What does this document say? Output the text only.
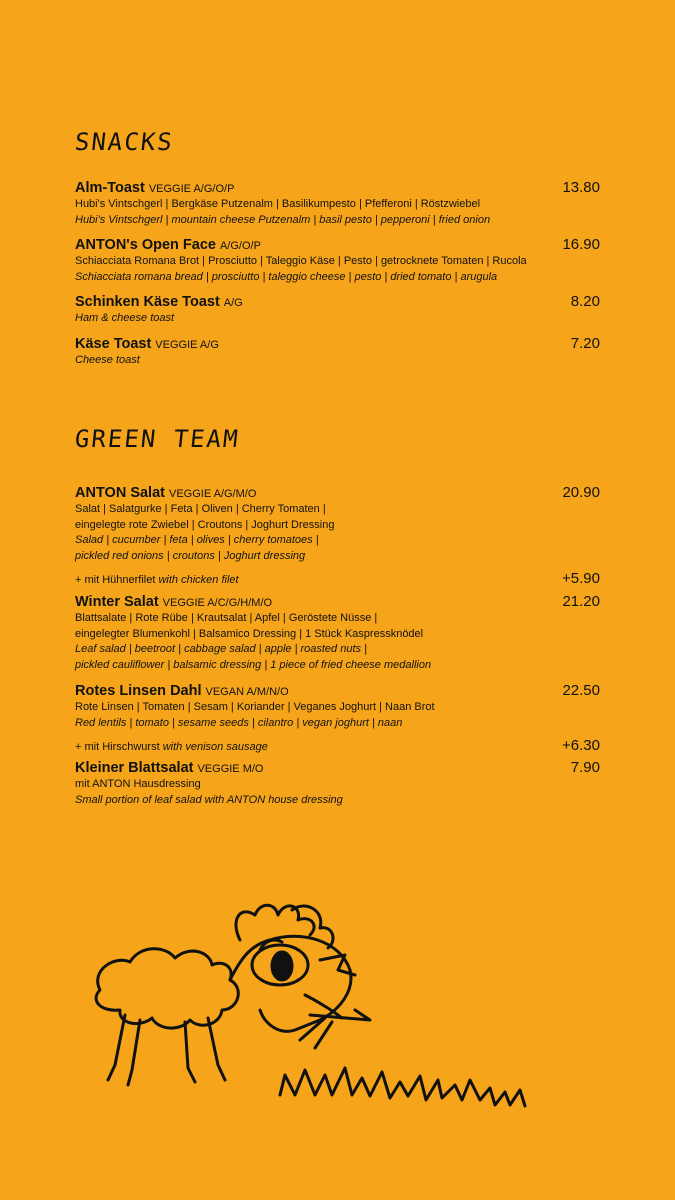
SNACKS
Alm-Toast VEGGIE A/G/O/P	13.80
Hubi's Vintschgerl | Bergkäse Putzenalm | Basilikumpesto | Pfefferoni | Röstzwiebel
Hubi's Vintschgerl | mountain cheese Putzenalm | basil pesto | pepperoni | fried onion
ANTON's Open Face A/G/O/P	16.90
Schiacciata Romana Brot | Prosciutto | Taleggio Käse | Pesto | getrocknete Tomaten | Rucola
Schiacciata romana bread | prosciutto | taleggio cheese | pesto | dried tomato | arugula
Schinken Käse Toast A/G	8.20
Ham & cheese toast
Käse Toast VEGGIE A/G	7.20
Cheese toast
GREEN TEAM
ANTON Salat VEGGIE A/G/M/O	20.90
Salat | Salatgurke | Feta | Oliven | Cherry Tomaten |
eingelegte rote Zwiebel | Croutons | Joghurt Dressing
Salad | cucumber | feta | olives | cherry tomatoes |
pickled red onions | croutons | Joghurt dressing
+ mit Hühnerfilet with chicken filet	+5.90
Winter Salat VEGGIE A/C/G/H/M/O	21.20
Blattsalate | Rote Rübe | Krautsalat | Apfel | Geröstete Nüsse |
eingelegter Blumenkohl | Balsamico Dressing | 1 Stück Kaspressknödel
Leaf salad | beetroot | cabbage salad | apple | roasted nuts |
pickled cauliflower | balsamic dressing | 1 piece of fried cheese medallion
Rotes Linsen Dahl VEGAN A/M/N/O	22.50
Rote Linsen | Tomaten | Sesam | Koriander | Veganes Joghurt | Naan Brot
Red lentils | tomato | sesame seeds | cilantro | vegan joghurt | naan
+ mit Hirschwurst with venison sausage	+6.30
Kleiner Blattsalat VEGGIE M/O	7.90
mit ANTON Hausdressing
Small portion of leaf salad with ANTON house dressing
